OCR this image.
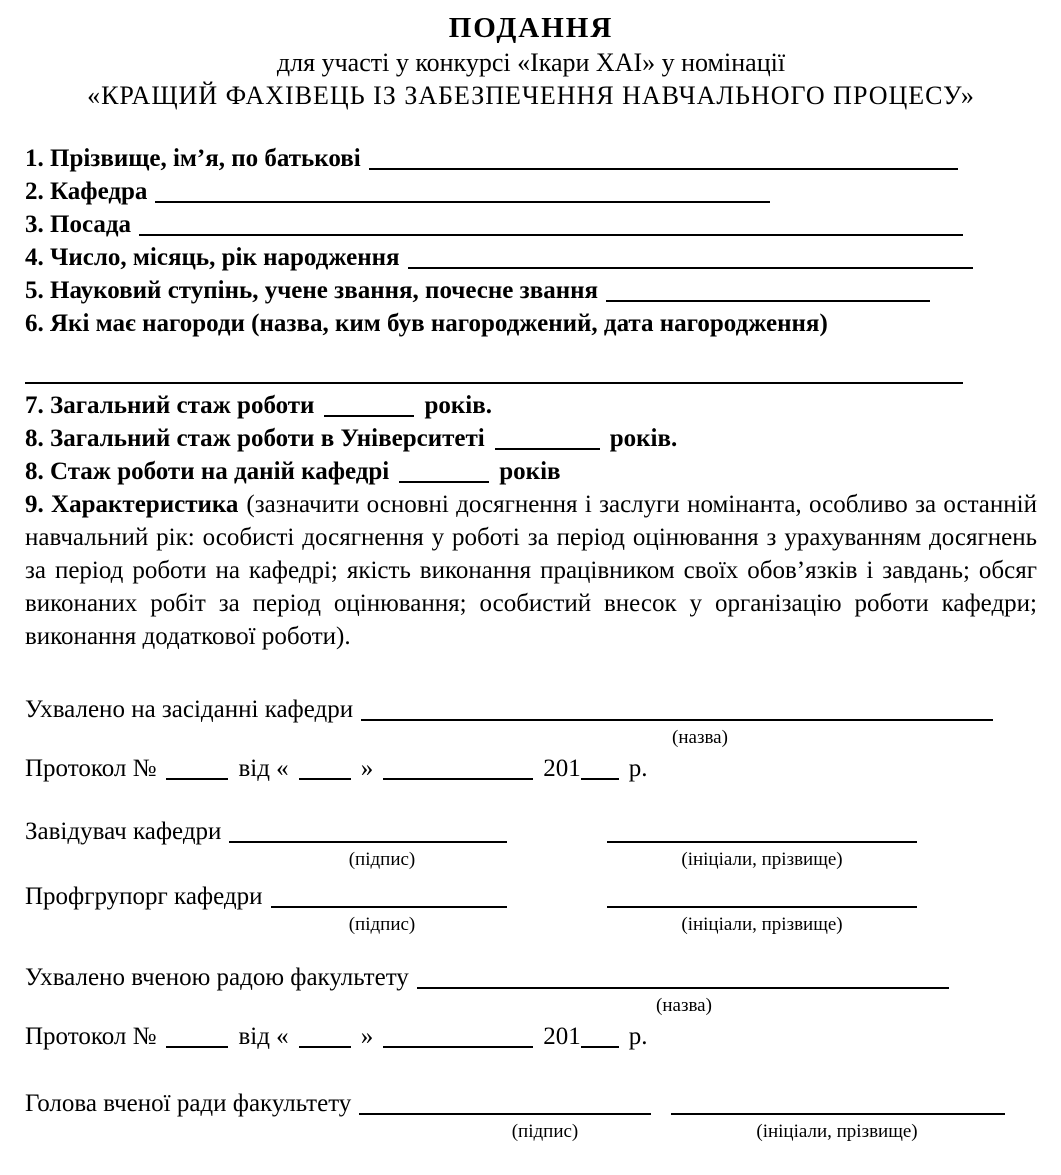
ПОДАННЯ
для участі у конкурсі «Ікари ХАІ» у номінації
«КРАЩИЙ ФАХІВЕЦЬ ІЗ ЗАБЕЗПЕЧЕННЯ НАВЧАЛЬНОГО ПРОЦЕСУ»
1. Прізвище, ім’я, по батькові
2. Кафедра
3. Посада
4. Число, місяць, рік народження
5. Науковий ступінь, учене звання, почесне звання
6. Які має нагороди (назва, ким був нагороджений, дата нагородження)
7. Загальний стаж роботи	років.
8. Загальний стаж роботи в Університеті	років.
8. Стаж роботи на даній кафедрі	років

9. Характеристика (зазначити основні досягнення і заслуги номінанта, особливо за останній навчальний рік: особисті досягнення у роботі за період оцінювання з урахуванням досягнень за період роботи на кафедрі; якість виконання працівником своїх обов’язків і завдань; обсяг виконаних робіт за період оцінювання; особистий внесок у організацію роботи кафедри; виконання додаткової роботи).

Ухвалено на засіданні кафедри
(назва)
Протокол №	від «	»	201 р.
Завідувач кафедри
(підпис)	(ініціали, прізвище)
Профгрупорг кафедри
(підпис)	(ініціали, прізвище)
Ухвалено вченою радою факультету
(назва)
Протокол №	від «	»	201 р.
Голова вченої ради факультету
(підпис)	(ініціали, прізвище)
